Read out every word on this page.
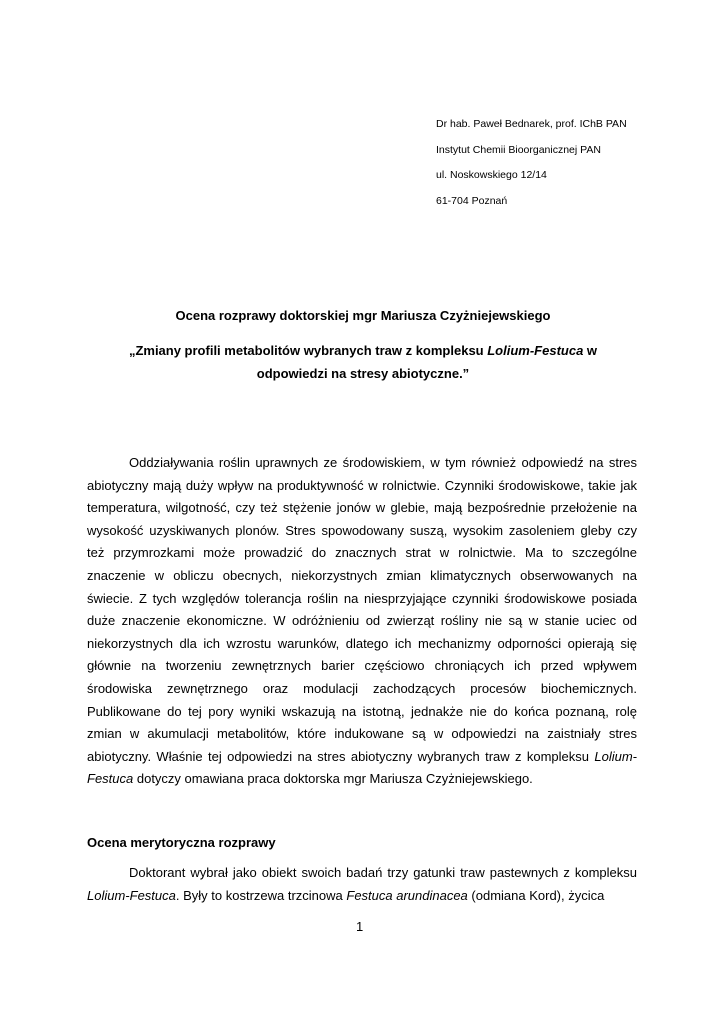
Dr hab. Paweł Bednarek, prof. IChB PAN
Instytut Chemii Bioorganicznej PAN
ul. Noskowskiego 12/14
61-704 Poznań
Ocena rozprawy doktorskiej mgr Mariusza Czyżniejewskiego
„Zmiany profili metabolitów wybranych traw z kompleksu Lolium-Festuca w
odpowiedzi na stresy abiotyczne.”
Oddziaływania roślin uprawnych ze środowiskiem, w tym również odpowiedź na stres abiotyczny mają duży wpływ na produktywność w rolnictwie. Czynniki środowiskowe, takie jak temperatura, wilgotność, czy też stężenie jonów w glebie, mają bezpośrednie przełożenie na wysokość uzyskiwanych plonów. Stres spowodowany suszą, wysokim zasoleniem gleby czy też przymrozkami może prowadzić do znacznych strat w rolnictwie. Ma to szczególne znaczenie w obliczu obecnych, niekorzystnych zmian klimatycznych obserwowanych na świecie. Z tych względów tolerancja roślin na niesprzyjające czynniki środowiskowe posiada duże znaczenie ekonomiczne. W odróżnieniu od zwierząt rośliny nie są w stanie uciec od niekorzystnych dla ich wzrostu warunków, dlatego ich mechanizmy odporności opierają się głównie na tworzeniu zewnętrznych barier częściowo chroniących ich przed wpływem środowiska zewnętrznego oraz modulacji zachodzących procesów biochemicznych. Publikowane do tej pory wyniki wskazują na istotną, jednakże nie do końca poznaną, rolę zmian w akumulacji metabolitów, które indukowane są w odpowiedzi na zaistniały stres abiotyczny. Właśnie tej odpowiedzi na stres abiotyczny wybranych traw z kompleksu Lolium-Festuca dotyczy omawiana praca doktorska mgr Mariusza Czyżniejewskiego.
Ocena merytoryczna rozprawy
Doktorant wybrał jako obiekt swoich badań trzy gatunki traw pastewnych z kompleksu Lolium-Festuca. Były to kostrzewa trzcinowa Festuca arundinacea (odmiana Kord), życica
1
